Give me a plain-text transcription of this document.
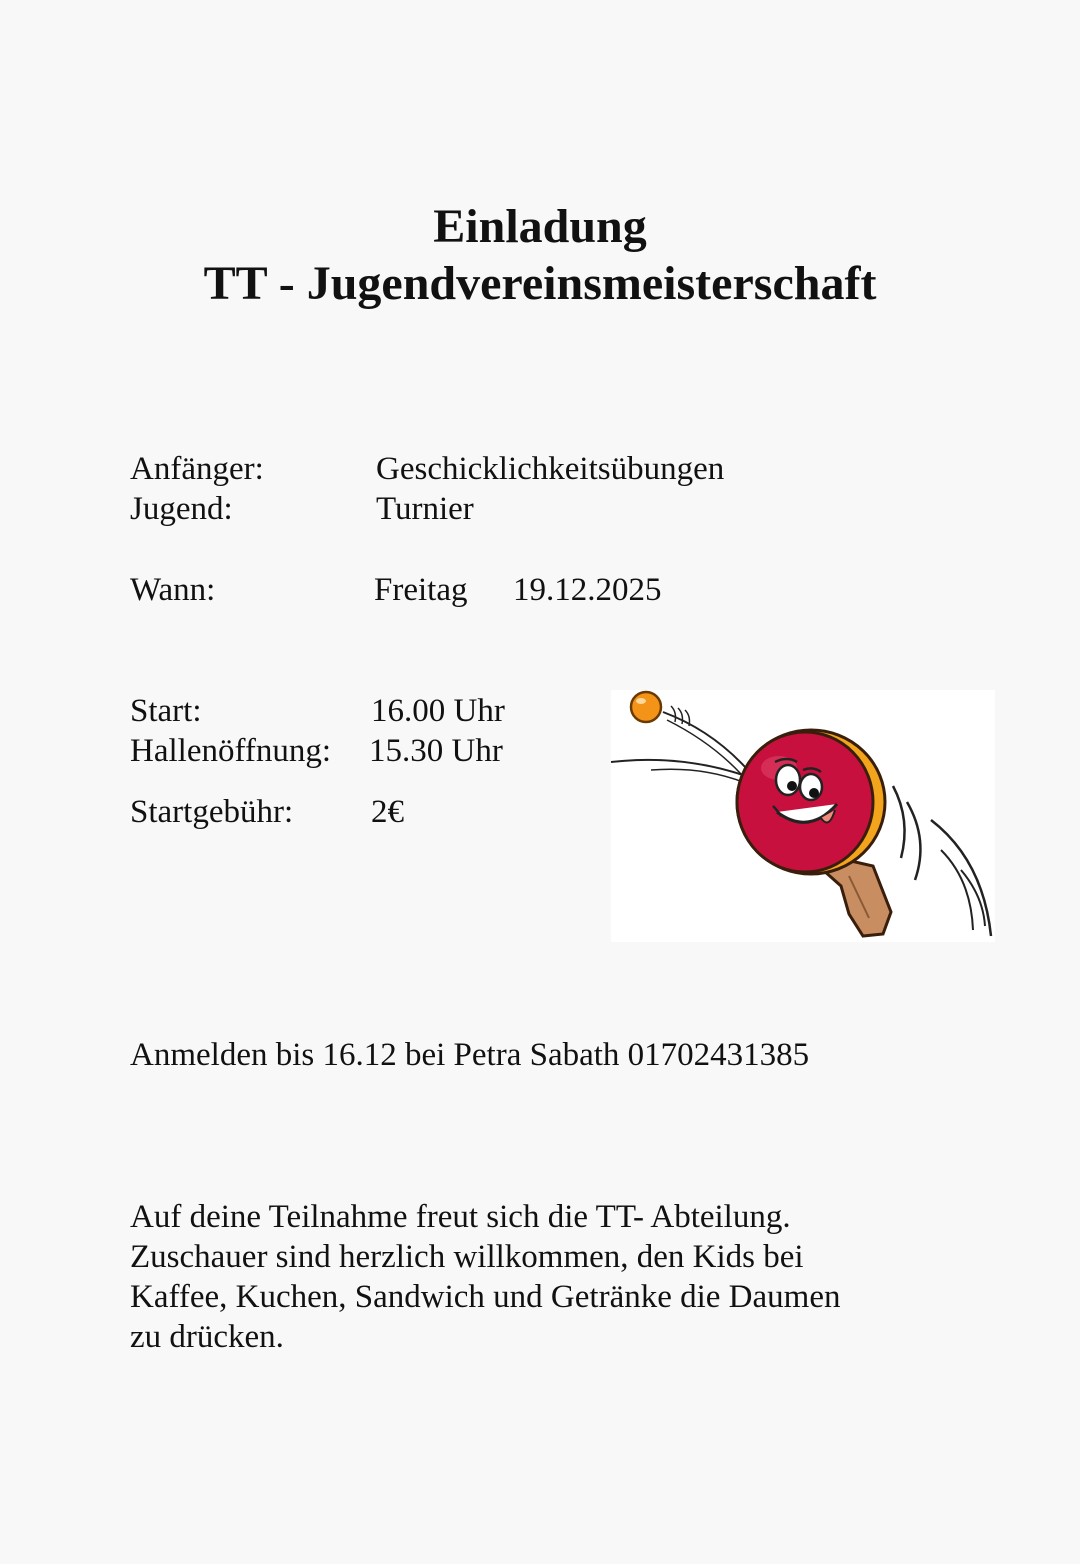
Einladung
TT - Jugendvereinsmeisterschaft
Anfänger:	Geschicklichkeitsübungen
Jugend:	Turnier
Wann:	Freitag 19.12.2025
Start:	16.00 Uhr
Hallenöffnung: 15.30 Uhr
Startgebühr: 2€
Anmelden bis 16.12 bei Petra Sabath 01702431385
Auf deine Teilnahme freut sich die TT- Abteilung.
Zuschauer sind herzlich willkommen, den Kids bei
Kaffee, Kuchen, Sandwich und Getränke die Daumen
zu drücken.
